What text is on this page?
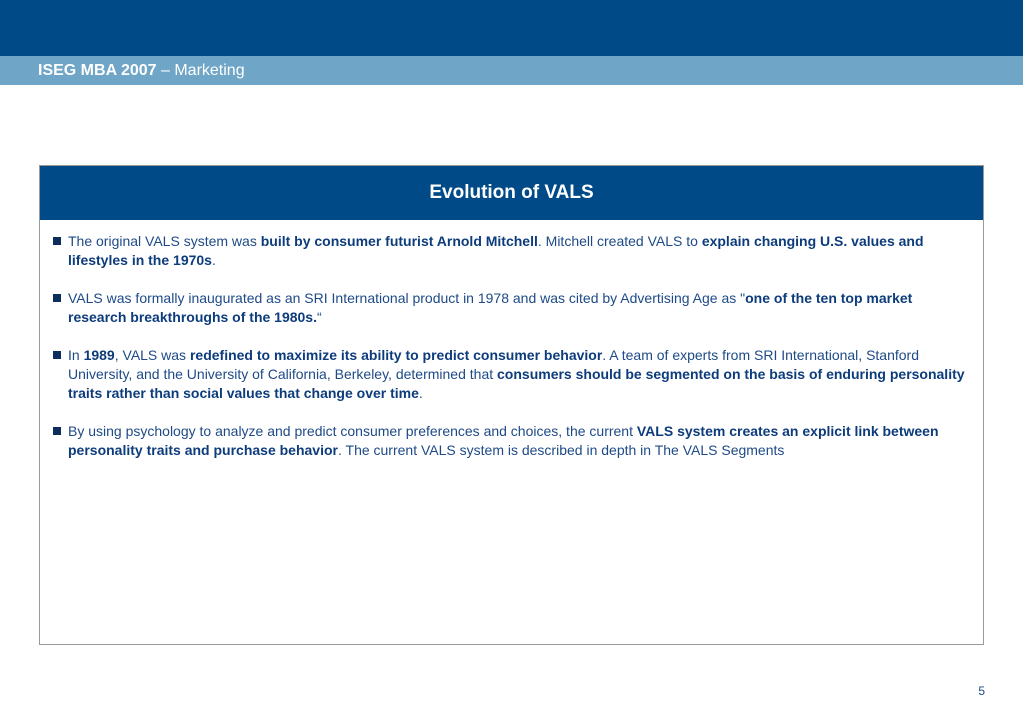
ISEG MBA 2007 – Marketing
Evolution of VALS
The original VALS system was built by consumer futurist Arnold Mitchell. Mitchell created VALS to explain changing U.S. values and lifestyles in the 1970s.
VALS was formally inaugurated as an SRI International product in 1978 and was cited by Advertising Age as "one of the ten top market research breakthroughs of the 1980s.“
In 1989, VALS was redefined to maximize its ability to predict consumer behavior. A team of experts from SRI International, Stanford University, and the University of California, Berkeley, determined that consumers should be segmented on the basis of enduring personality traits rather than social values that change over time.
By using psychology to analyze and predict consumer preferences and choices, the current VALS system creates an explicit link between personality traits and purchase behavior. The current VALS system is described in depth in The VALS Segments
5
